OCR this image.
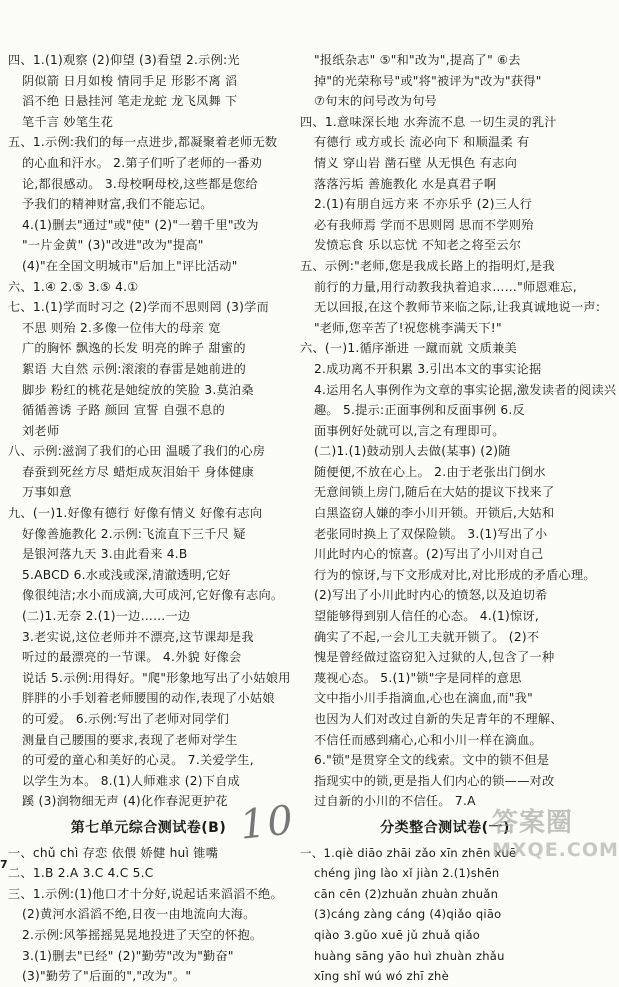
四、1.(1)观察 (2)仰望 (3)看望 2.示例:光
阴似箭 日月如梭 情同手足 形影不离 滔
滔不绝 日悬挂河 笔走龙蛇 龙飞凤舞 下
笔千言 妙笔生花
五、1.示例:我们的每一点进步,都凝聚着老师无数
的心血和汗水。 2.第子们听了老师的一番劝
论,都很感动。 3.母校啊母校,这些都是您给
予我们的精神财富,我们不能忘记。
4.(1)删去"通过"或"使" (2)"一碧千里"改为
"一片金黄" (3)"改进"改为"提高"
(4)"在全国文明城市"后加上"评比活动"
六、1.④ 2.⑤ 3.⑤ 4.①
七、1.(1)学而时习之 (2)学而不思则罔 (3)学而
不思 则殆 2.多像一位伟大的母亲 宽
广的胸怀 飘逸的长发 明亮的眸子 甜蜜的
絮语 大自然 示例:滚滚的春雷是她前进的
脚步 粉红的桃花是她绽放的笑脸 3.莫泊桑
循循善诱 子路 颜回 宣誓 自强不息的
刘老师
八、示例:滋润了我们的心田 温暖了我们的心房
春蚕到死丝方尽 蜡炬成灰泪始干 身体健康
万事如意
九、(一)1.好像有德行 好像有情义 好像有志向
好像善施教化 2.示例:飞流直下三千尺 疑
是银河落九天 3.由此看来 4.B
5.ABCD 6.水或浅或深,清澈透明,它好
像很纯洁;水小而成滴,大可成河,它好像有志向。
(二)1.无奈 2.(1)一边……一边
3.老实说,这位老师并不漂亮,这节课却是我
听过的最漂亮的一节课。 4.外貌 好像会
说话 5.示例:用得好。"爬"形象地写出了小姑娘用
胖胖的小手划着老师腰围的动作,表现了小姑娘
的可爱。 6.示例:写出了老师对同学们
测量自己腰围的要求,表现了老师对学生
的可爱的童心和美好的心灵。 7.关爱学生,
以学生为本。 8.(1)人师难求 (2)下自成
蹊 (3)润物细无声 (4)化作春泥更护花
第七单元综合测试卷(B)
一、chǔ chì 存恋 依偎 娇健 huì 锥嘴
二、1.B 2.A 3.C 4.C 5.C
三、1.示例:(1)他口才十分好,说起话来滔滔不绝。
(2)黄河水滔滔不绝,日夜一由地流向大海。
2.示例:风筝摇摇晃晃地投进了天空的怀抱。
3.(1)删去"已经" (2)"勤劳"改为"勤奋"
(3)"勤劳了"后面的","改为"。"
"报纸杂志" ⑤"和"改为",提高了" ⑥去
掉"的光荣称号"或"将"被评为"改为"获得"
⑦句末的问号改为句号
四、1.意味深长地 水奔流不息 一切生灵的乳汁
有德行 或方或长 流必向下 和顺温柔 有
情义 穿山岩 凿石壁 从无惧色 有志向
落落污垢 善施教化 水是真君子啊
2.(1)有朋自远方来 不亦乐乎 (2)三人行
必有我师焉 学而不思则罔 思而不学则殆
发愤忘食 乐以忘忧 不知老之将至云尔
五、示例:"老师,您是我成长路上的指明灯,是我
前行的力量,用行动教我执着追求……"师恩难忘,
无以回报,在这个教师节来临之际,让我真诚地说一声:
"老师,您辛苦了!祝您桃李满天下!"
六、(一)1.循序渐进 一蹴而就 文质兼美
2.成功离不开积累 3.引出本文的事实论据
4.运用名人事例作为文章的事实论据,激发读者的阅读兴
趣。 5.提示:正面事例和反面事例 6.反
面事例好处就可以,言之有理即可。
(二)1.(1)鼓动别人去做(某事) (2)随
随便便,不放在心上。 2.由于老张出门倒水
无意间锁上房门,随后在大姑的提议下找来了
白黑盗窃人嫌的李小川开锁。开锁后,大姑和
老张同时换上了双保险锁。 3.(1)写出了小
川此时内心的惊喜。(2)写出了小川对自己
行为的惊讶,与下文形成对比,对比形成的矛盾心理。
(2)写出了小川此时内心的愤怒,以及迫切希
望能够得到别人信任的心态。 4.(1)惊讶,
确实了不起,一会儿工夫就开锁了。 (2)不
愧是曾经做过盗窃犯入过狱的人,包含了一种
蔑视心态。 5.(1)"锁"字是同样的意思
文中指小川手指滴血,心也在滴血,而"我"
也因为人们对改过自新的失足青年的不理解、
不信任而感到痛心,心和小川一样在滴血。
6."锁"是贯穿全文的线索。文中的锁不但是
指现实中的锁,更是指人们内心的锁——对改
过自新的小川的不信任。 7.A
分类整合测试卷(一)
一、1.qiè diāo zhāi zǎo xīn zhēn xuē
chéng jìng lào xǐ jiàn 2.(1)shēn
cān cēn (2)zhuǎn zhuàn zhuǎn
(3)cáng zàng cáng (4)qiǎo qiāo
qiào 3.gǔo xuē jǔ zhuǎ qiǎo
huàng sāng yāo huì zhuàn zhǎu
xīng shǐ wú wó zhī zhè
7
10	答案圈
MXQE.COM
